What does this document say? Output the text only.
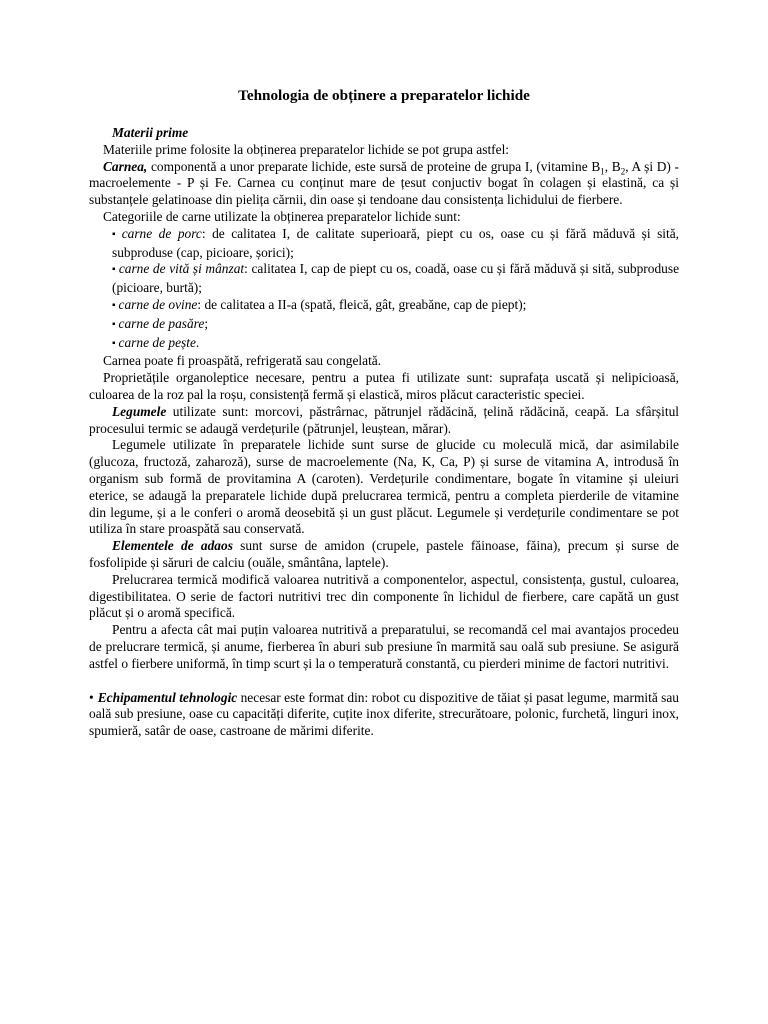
Tehnologia de obținere a preparatelor lichide

Materii prime

Materiile prime folosite la obținerea preparatelor lichide se pot grupa astfel:

Carnea, componentă a unor preparate lichide, este sursă de proteine de grupa I, (vitamine $B_1$, $B_2$, A și D) - macroelemente - P și Fe. Carnea cu conținut mare de țesut conjuctiv bogat în colagen și elastină, ca și substanțele gelatinoase din pielița cărnii, din oase și tendoane dau consistența lichidului de fierbere.

Categoriile de carne utilizate la obținerea preparatelor lichide sunt:

▪ carne de porc: de calitatea I, de calitate superioară, piept cu os, oase cu și fără măduvă și sită, subproduse (cap, picioare, șorici);

▪ carne de vită și mânzat: calitatea I, cap de piept cu os, coadă, oase cu și fără măduvă și sită, subproduse (picioare, burtă);

▪ carne de ovine: de calitatea a II-a (spată, fleică, gât, greabăne, cap de piept);

▪ carne de pasăre;

▪ carne de pește.

Carnea poate fi proaspătă, refrigerată sau congelată.

Proprietățile organoleptice necesare, pentru a putea fi utilizate sunt: suprafața uscată și nelipicioasă, culoarea de la roz pal la roșu, consistență fermă și elastică, miros plăcut caracteristic speciei.

Legumele utilizate sunt: morcovi, păstrârnac, pătrunjel rădăcină, țelină rădăcină, ceapă. La sfârșitul procesului termic se adaugă verdețurile (pătrunjel, leuștean, mărar).

Legumele utilizate în preparatele lichide sunt surse de glucide cu moleculă mică, dar asimilabile (glucoza, fructoză, zaharoză), surse de macroelemente (Na, K, Ca, P) și surse de vitamina A, introdusă în organism sub formă de provitamina A (caroten). Verdețurile condimentare, bogate în vitamine și uleiuri eterice, se adaugă la preparatele lichide după prelucrarea termică, pentru a completa pierderile de vitamine din legume, și a le conferi o aromă deosebită și un gust plăcut. Legumele și verdețurile condimentare se pot utiliza în stare proaspătă sau conservată.

Elementele de adaos sunt surse de amidon (crupele, pastele făinoase, făina), precum și surse de fosfolipide și săruri de calciu (ouăle, smântâna, laptele).

Prelucrarea termică modifică valoarea nutritivă a componentelor, aspectul, consistența, gustul, culoarea, digestibilitatea. O serie de factori nutritivi trec din componente în lichidul de fierbere, care capătă un gust plăcut și o aromă specifică.

Pentru a afecta cât mai puțin valoarea nutritivă a preparatului, se recomandă cel mai avantajos procedeu de prelucrare termică, și anume, fierberea în aburi sub presiune în marmită sau oală sub presiune. Se asigură astfel o fierbere uniformă, în timp scurt și la o temperatură constantă, cu pierderi minime de factori nutritivi.

• Echipamentul tehnologic necesar este format din: robot cu dispozitive de tăiat și pasat legume, marmită sau oală sub presiune, oase cu capacități diferite, cuțite inox diferite, strecurătoare, polonic, furchetă, linguri inox, spumieră, satâr de oase, castroane de mărimi diferite.
